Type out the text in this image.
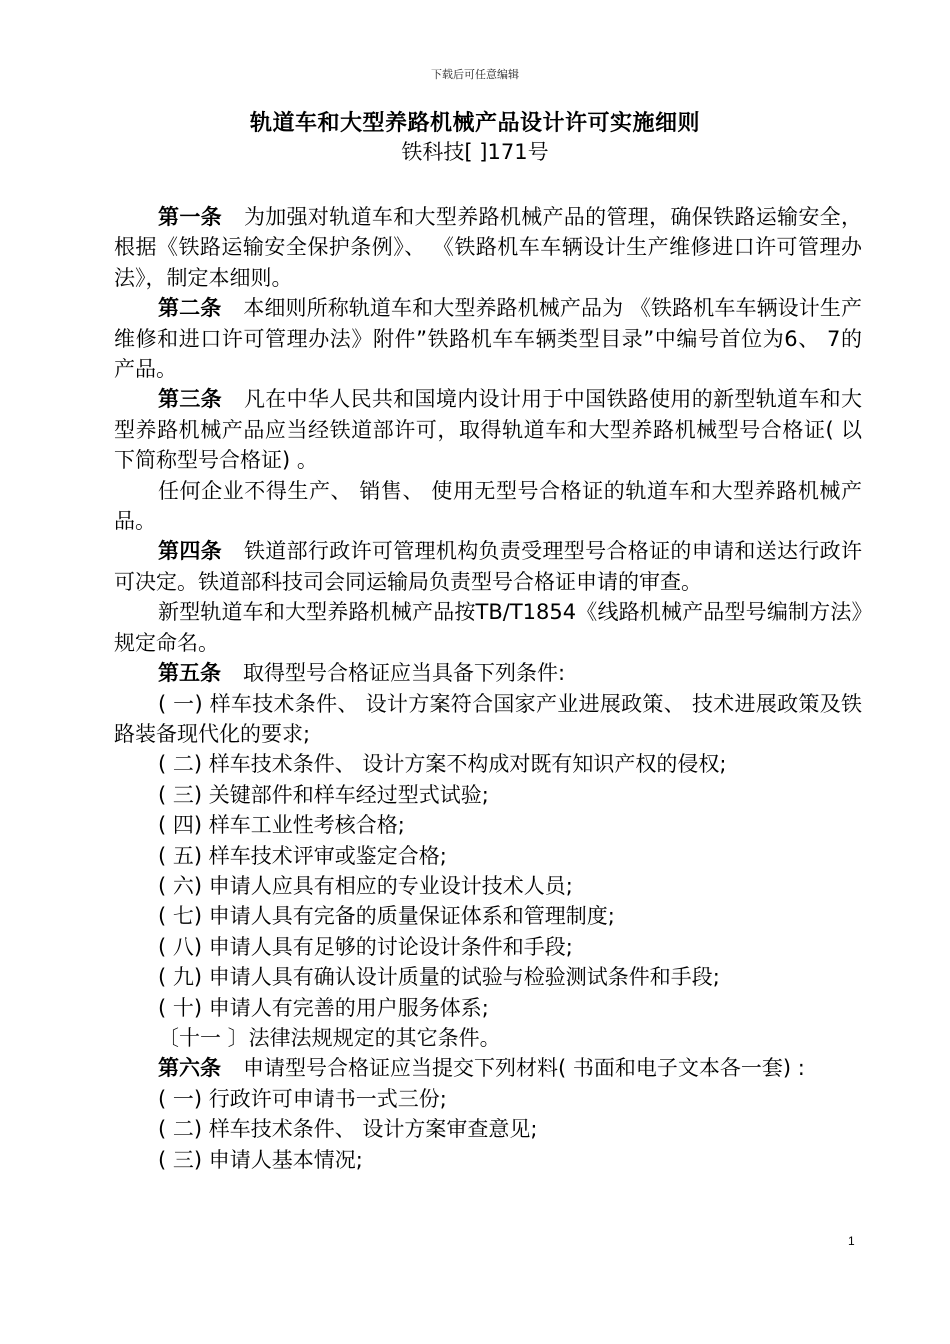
下载后可任意编辑
轨道车和大型养路机械产品设计许可实施细则
铁科技[ ]171号

第一条 为加强对轨道车和大型养路机械产品的管理，确保铁路运输安全，根据《铁路运输安全保护条例》、 《铁路机车车辆设计生产维修进口许可管理办法》，制定本细则。

第二条 本细则所称轨道车和大型养路机械产品为 《铁路机车车辆设计生产维修和进口许可管理办法》附件”铁路机车车辆类型目录”中编号首位为6、 7的产品。

第三条 凡在中华人民共和国境内设计用于中国铁路使用的新型轨道车和大型养路机械产品应当经铁道部许可，取得轨道车和大型养路机械型号合格证( 以下简称型号合格证) 。

任何企业不得生产、 销售、 使用无型号合格证的轨道车和大型养路机械产品。

第四条 铁道部行政许可管理机构负责受理型号合格证的申请和送达行政许可决定。铁道部科技司会同运输局负责型号合格证申请的审查。

新型轨道车和大型养路机械产品按TB/T1854《线路机械产品型号编制方法》规定命名。

第五条 取得型号合格证应当具备下列条件:

( 一) 样车技术条件、 设计方案符合国家产业进展政策、 技术进展政策及铁路装备现代化的要求;

( 二) 样车技术条件、 设计方案不构成对既有知识产权的侵权;

( 三) 关键部件和样车经过型式试验;

( 四) 样车工业性考核合格;

( 五) 样车技术评审或鉴定合格;

( 六) 申请人应具有相应的专业设计技术人员;

( 七) 申请人具有完备的质量保证体系和管理制度;

( 八) 申请人具有足够的讨论设计条件和手段;

( 九) 申请人具有确认设计质量的试验与检验测试条件和手段;

( 十) 申请人有完善的用户服务体系;

〔十一 〕法律法规规定的其它条件。

第六条 申请型号合格证应当提交下列材料( 书面和电子文本各一套) :

( 一) 行政许可申请书一式三份;

( 二) 样车技术条件、 设计方案审查意见;

( 三) 申请人基本情况;

1
